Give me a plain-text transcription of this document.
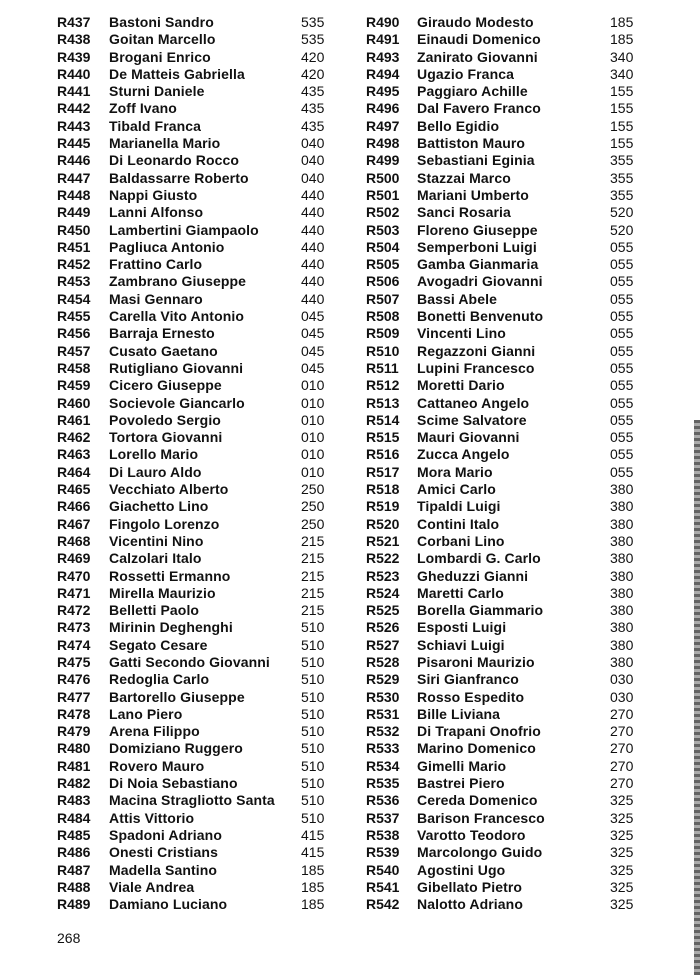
R437 Bastoni Sandro	535
R438 Goitan Marcello	535
R439 Brogani Enrico	420
R440 De Matteis Gabriella	420
R441 Sturni Daniele	435
R442 Zoff Ivano	435
R443 Tibald Franca	435
R445 Marianella Mario	040
R446 Di Leonardo Rocco	040
R447 Baldassarre Roberto	040
R448 Nappi Giusto	440
R449 Lanni Alfonso	440
R450 Lambertini Giampaolo	440
R451 Pagliuca Antonio	440
R452 Frattino Carlo	440
R453 Zambrano Giuseppe	440
R454 Masi Gennaro	440
R455 Carella Vito Antonio	045
R456 Barraja Ernesto	045
R457 Cusato Gaetano	045
R458 Rutigliano Giovanni	045
R459 Cicero Giuseppe	010
R460 Socievole Giancarlo	010
R461 Povoledo Sergio	010
R462 Tortora Giovanni	010
R463 Lorello Mario	010
R464 Di Lauro Aldo	010
R465 Vecchiato Alberto	250
R466 Giachetto Lino	250
R467 Fingolo Lorenzo	250
R468 Vicentini Nino	215
R469 Calzolari Italo	215
R470 Rossetti Ermanno	215
R471 Mirella Maurizio	215
R472 Belletti Paolo	215
R473 Mirinin Deghenghi	510
R474 Segato Cesare	510
R475 Gatti Secondo Giovanni 510
R476 Redoglia Carlo	510
R477 Bartorello Giuseppe	510
R478 Lano Piero	510
R479 Arena Filippo	510
R480 Domiziano Ruggero	510
R481 Rovero Mauro	510
R482 Di Noia Sebastiano	510
R483 Macina Stragliotto Santa 510
R484 Attis Vittorio	510
R485 Spadoni Adriano	415
R486 Onesti Cristians	415
R487 Madella Santino	185
R488 Viale Andrea	185
R489 Damiano Luciano	185
R490 Giraudo Modesto	185
R491 Einaudi Domenico	185
R493 Zanirato Giovanni	340
R494 Ugazio Franca	340
R495 Paggiaro Achille	155
R496 Dal Favero Franco	155
R497 Bello Egidio	155
R498 Battiston Mauro	155
R499 Sebastiani Eginia	355
R500 Stazzai Marco	355
R501 Mariani Umberto	355
R502 Sanci Rosaria	520
R503 Floreno Giuseppe	520
R504 Semperboni Luigi	055
R505 Gamba Gianmaria	055
R506 Avogadri Giovanni	055
R507 Bassi Abele	055
R508 Bonetti Benvenuto	055
R509 Vincenti Lino	055
R510 Regazzoni Gianni	055
R511 Lupini Francesco	055
R512 Moretti Dario	055
R513 Cattaneo Angelo	055
R514 Scime Salvatore	055
R515 Mauri Giovanni	055
R516 Zucca Angelo	055
R517 Mora Mario	055
R518 Amici Carlo	380
R519 Tipaldi Luigi	380
R520 Contini Italo	380
R521 Corbani Lino	380
R522 Lombardi G. Carlo	380
R523 Gheduzzi Gianni	380
R524 Maretti Carlo	380
R525 Borella Giammario	380
R526 Esposti Luigi	380
R527 Schiavi Luigi	380
R528 Pisaroni Maurizio	380
R529 Siri Gianfranco	030
R530 Rosso Espedito	030
R531 Bille Liviana	270
R532 Di Trapani Onofrio	270
R533 Marino Domenico	270
R534 Gimelli Mario	270
R535 Bastrei Piero	270
R536 Cereda Domenico	325
R537 Barison Francesco	325
R538 Varotto Teodoro	325
R539 Marcolongo Guido	325
R540 Agostini Ugo	325
R541 Gibellato Pietro	325
R542 Nalotto Adriano	325
268
